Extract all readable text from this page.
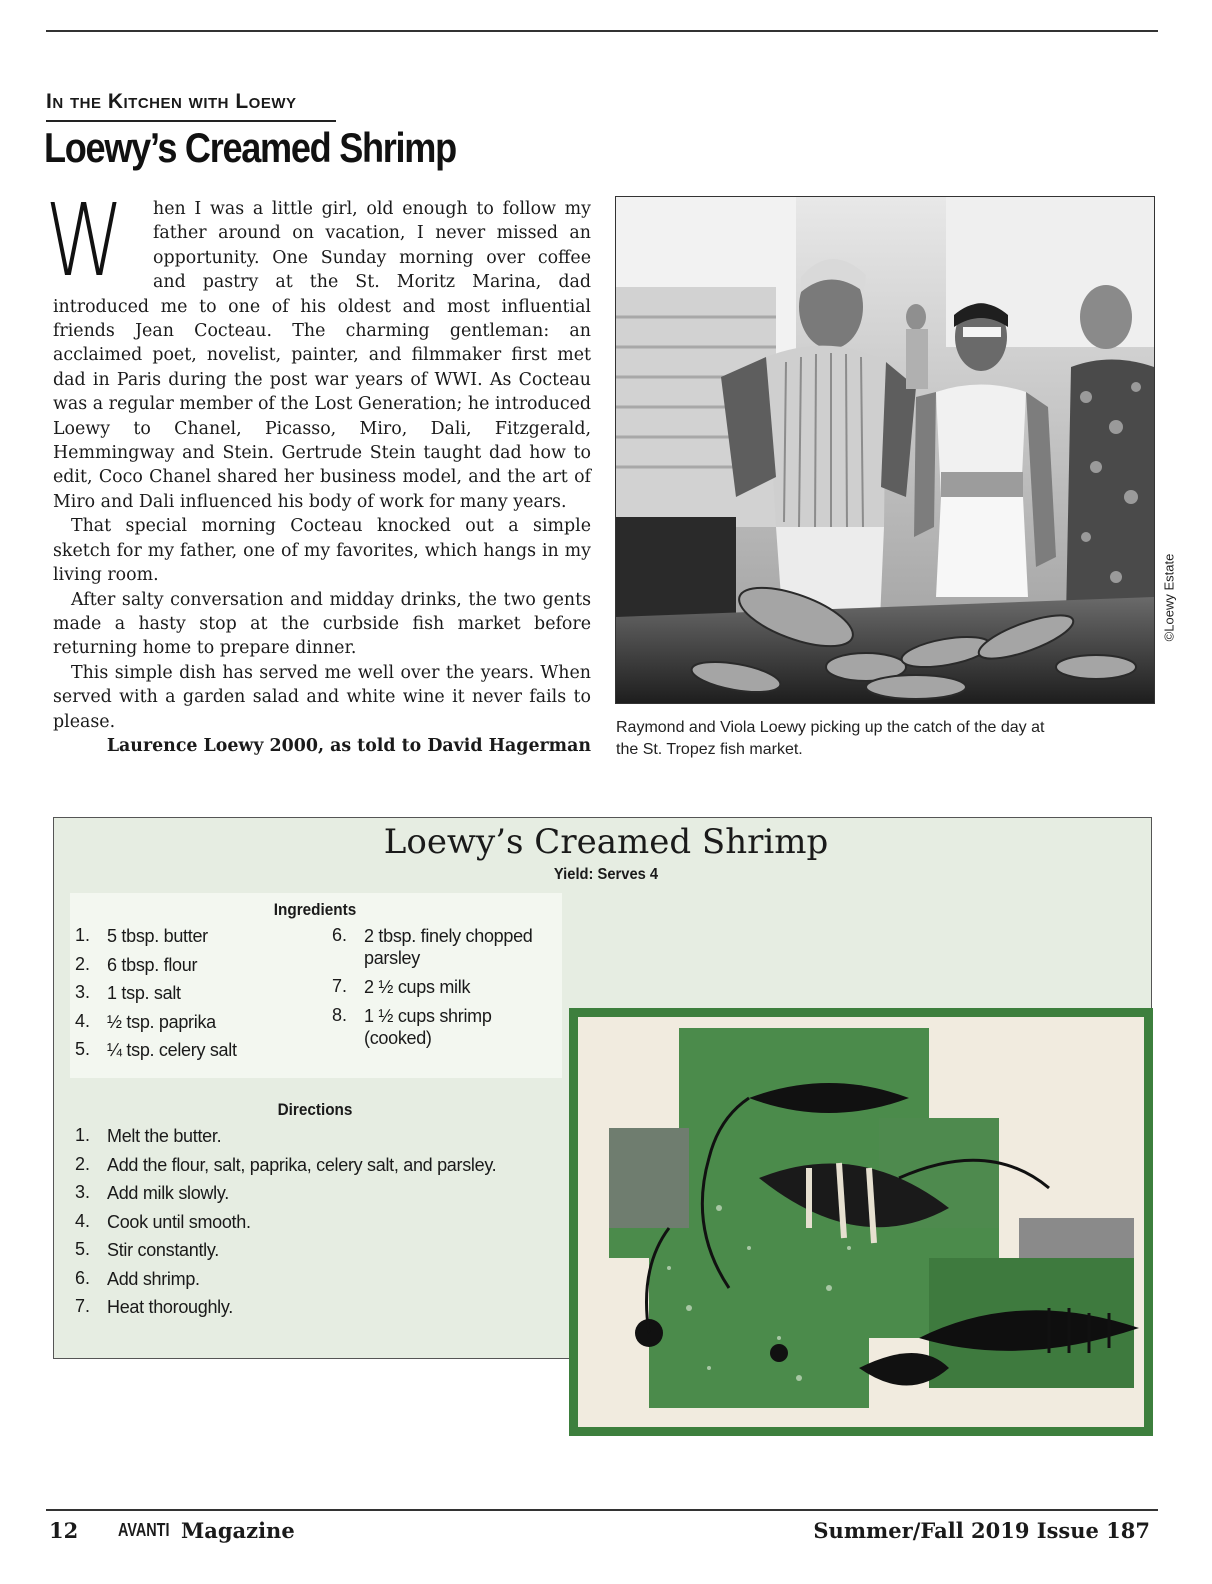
In the Kitchen with Loewy
Loewy’s Creamed Shrimp

W hen I was a little girl, old enough to follow my father around on vacation, I never missed an opportunity. One Sunday morning over coffee and pastry at the St. Moritz Marina, dad introduced me to one of his oldest and most influential friends Jean Cocteau. The charming gentleman: an acclaimed poet, novelist, painter, and filmmaker first met dad in Paris during the post war years of WWI. As Cocteau was a regular member of the Lost Generation; he introduced Loewy to Chanel, Picasso, Miro, Dali, Fitzgerald, Hemmingway and Stein. Gertrude Stein taught dad how to edit, Coco Chanel shared her business model, and the art of Miro and Dali influenced his body of work for many years.

That special morning Cocteau knocked out a simple sketch for my father, one of my favorites, which hangs in my living room.

After salty conversation and midday drinks, the two gents made a hasty stop at the curbside fish market before returning home to prepare dinner.

This simple dish has served me well over the years. When served with a garden salad and white wine it never fails to please.

Laurence Loewy 2000, as told to David Hagerman

©Loewy Estate
Raymond and Viola Loewy picking up the catch of the day at the St. Tropez fish market.
Loewy’s Creamed Shrimp
Yield: Serves 4
Ingredients
1. 5 tbsp. butter
2. 6 tbsp. flour
3. 1 tsp. salt
4. ½ tsp. paprika
5. ¼ tsp. celery salt
6. 2 tbsp. finely chopped
parsley
7. 2 ½ cups milk
8. 1 ½ cups shrimp
(cooked)
Directions
1. Melt the butter.
2. Add the flour, salt, paprika, celery salt, and parsley.
3. Add milk slowly.
4. Cook until smooth.
5. Stir constantly.
6. Add shrimp.
7. Heat thoroughly.
12 AVANTI Magazine	Summer/Fall 2019 Issue 187
